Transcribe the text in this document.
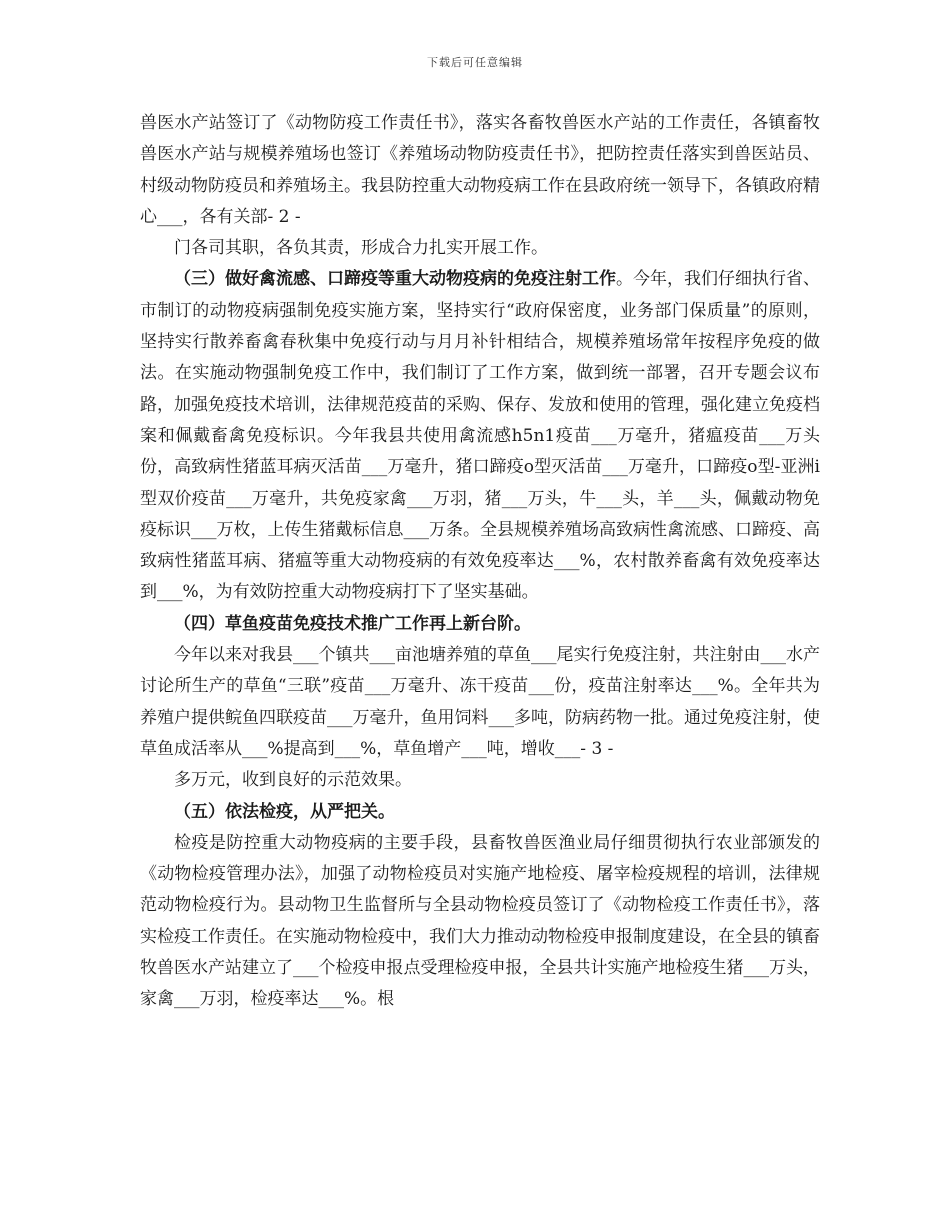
下载后可任意编辑

兽医水产站签订了《动物防疫工作责任书》，落实各畜牧兽医水产站的工作责任，各镇畜牧兽医水产站与规模养殖场也签订《养殖场动物防疫责任书》，把防控责任落实到兽医站员、村级动物防疫员和养殖场主。我县防控重大动物疫病工作在县政府统一领导下，各镇政府精心___，各有关部- 2 -

门各司其职，各负其责，形成合力扎实开展工作。

（三）做好禽流感、口蹄疫等重大动物疫病的免疫注射工作。今年，我们仔细执行省、市制订的动物疫病强制免疫实施方案，坚持实行“政府保密度，业务部门保质量”的原则，坚持实行散养畜禽春秋集中免疫行动与月月补针相结合，规模养殖场常年按程序免疫的做法。在实施动物强制免疫工作中，我们制订了工作方案，做到统一部署，召开专题会议布路，加强免疫技术培训，法律规范疫苗的采购、保存、发放和使用的管理，强化建立免疫档案和佩戴畜禽免疫标识。今年我县共使用禽流感h5n1疫苗___万毫升，猪瘟疫苗___万头份，高致病性猪蓝耳病灭活苗___万毫升，猪口蹄疫o型灭活苗___万毫升，口蹄疫o型-亚洲i型双价疫苗___万毫升，共免疫家禽___万羽，猪___万头，牛___头，羊___头，佩戴动物免疫标识___万枚，上传生猪戴标信息___万条。全县规模养殖场高致病性禽流感、口蹄疫、高致病性猪蓝耳病、猪瘟等重大动物疫病的有效免疫率达___%，农村散养畜禽有效免疫率达到___%，为有效防控重大动物疫病打下了坚实基础。

（四）草鱼疫苗免疫技术推广工作再上新台阶。

今年以来对我县___个镇共___亩池塘养殖的草鱼___尾实行免疫注射，共注射由___水产讨论所生产的草鱼“三联”疫苗___万毫升、冻干疫苗___份，疫苗注射率达___%。全年共为养殖户提供鲩鱼四联疫苗___万毫升，鱼用饲料___多吨，防病药物一批。通过免疫注射，使草鱼成活率从___%提高到___%，草鱼增产___吨，增收___- 3 -

多万元，收到良好的示范效果。

（五）依法检疫，从严把关。

检疫是防控重大动物疫病的主要手段，县畜牧兽医渔业局仔细贯彻执行农业部颁发的《动物检疫管理办法》，加强了动物检疫员对实施产地检疫、屠宰检疫规程的培训，法律规范动物检疫行为。县动物卫生监督所与全县动物检疫员签订了《动物检疫工作责任书》，落实检疫工作责任。在实施动物检疫中，我们大力推动动物检疫申报制度建设，在全县的镇畜牧兽医水产站建立了___个检疫申报点受理检疫申报，全县共计实施产地检疫生猪___万头，家禽___万羽，检疫率达___%。根
